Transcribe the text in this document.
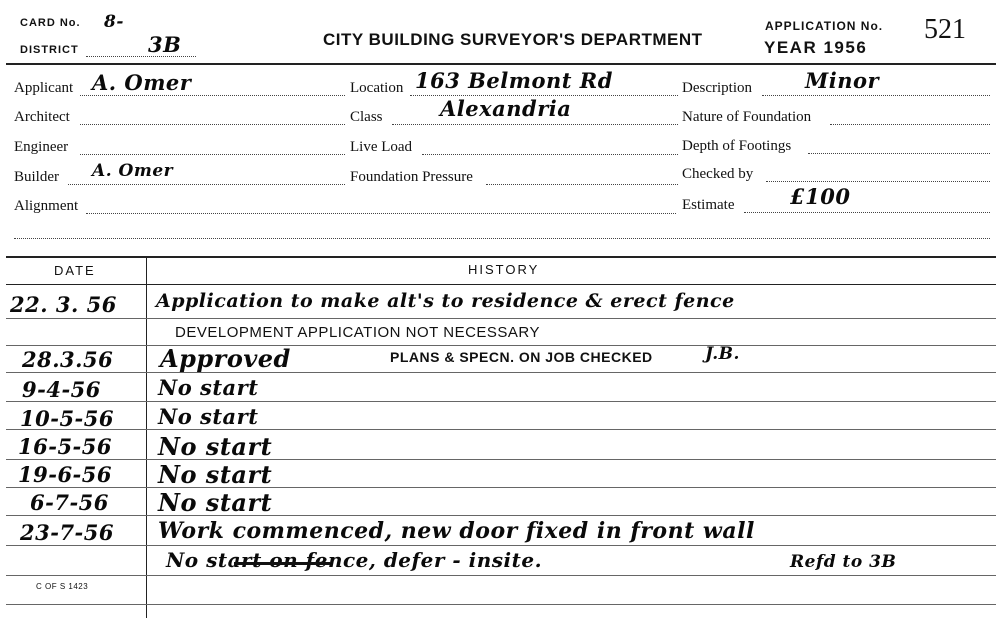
CARD No. 8-
DISTRICT	3B	CITY BUILDING SURVEYOR'S DEPARTMENT
APPLICATION No.
YEAR 1956
521
Applicant A. Omer
Architect
Engineer
Builder A. Omer
Alignment
Location 163 Belmont Rd
Class	Alexandria
Live Load
Foundation Pressure
Description	Minor
Nature of Foundation
Depth of Footings
Checked by
Estimate	£100
DATE	HISTORY
22. 3. 56 Application to make alt's to residence & erect fence
DEVELOPMENT APPLICATION NOT NECESSARY
28.3.56 Approved	PLANS & SPECN. ON JOB CHECKED	J.B.
9-4-56	No start
10-5-56 No start
16-5-56 No start
19-6-56 No start
6-7-56 No start
23-7-56 Work commenced, new door fixed in front wall
No start on fence, defer - insite.	Refd to 3B
C OF S 1423
